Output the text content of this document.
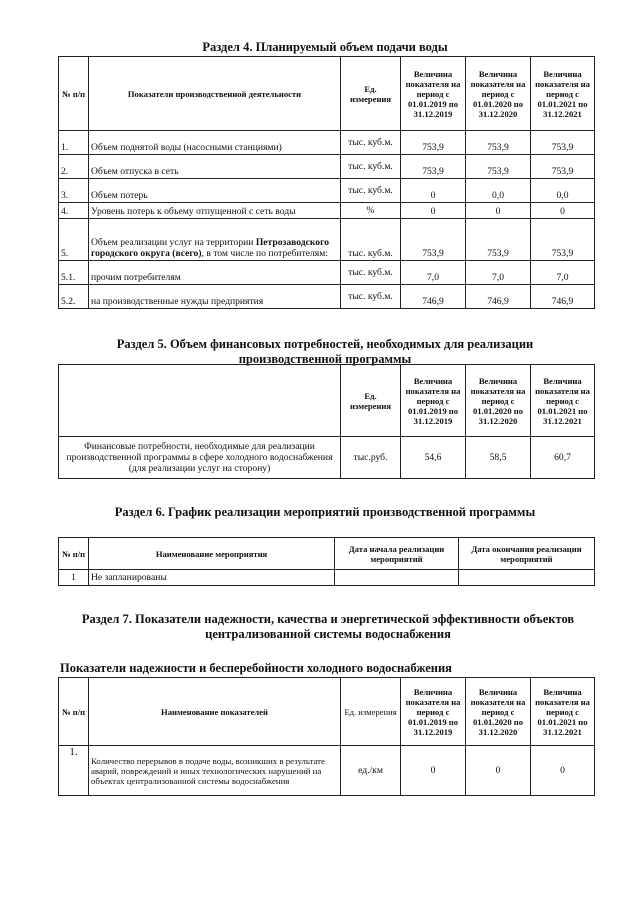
Раздел 4. Планируемый объем подачи воды
№ п/п	Показатели производственной деятельности	Ед. измерения	Величина показателя на период с 01.01.2019 по 31.12.2019	Величина показателя на период с 01.01.2020 по 31.12.2020	Величина показателя на период с 01.01.2021 по 31.12.2021
1.	Объем поднятой воды (насосными станциями)	тыс. куб.м.	753,9	753,9	753,9
2.	Объем отпуска в сеть	тыс. куб.м.	753,9	753,9	753,9
3.	Объем потерь	тыс. куб.м.	0	0,0	0,0
4.	Уровень потерь к объему отпущенной с сеть воды	%	0	0	0
5.	Объем реализации услуг на территории Петрозаводского городского округа (всего), в том числе по потребителям:	тыс. куб.м.	753,9	753,9	753,9
5.1.	прочим потребителям	тыс. куб.м.	7,0	7,0	7,0
5.2.	на производственные нужды предприятия	тыс. куб.м.	746,9	746,9	746,9
Раздел 5. Объем финансовых потребностей, необходимых для реализации
производственной программы
	Ед. измерения	Величина показателя на период с 01.01.2019 по 31.12.2019	Величина показателя на период с 01.01.2020 по 31.12.2020	Величина показателя на период с 01.01.2021 по 31.12.2021
Финансовые потребности, необходимые для реализации производственной программы в сфере холодного водоснабжения (для реализации услуг на сторону)	тыс.руб.	54,6	58,5	60,7
Раздел 6. График реализации мероприятий производственной программы
№ п/п	Наименование мероприятия	Дата начала реализации мероприятий	Дата окончания реализации мероприятий
1	Не запланированы		
Раздел 7. Показатели надежности, качества и энергетической эффективности объектов
централизованной системы водоснабжения
Показатели надежности и бесперебойности холодного водоснабжения
№ п/п	Наименование показателей	Ед. измерения	Величина показателя на период с 01.01.2019 по 31.12.2019	Величина показателя на период с 01.01.2020 по 31.12.2020	Величина показателя на период с 01.01.2021 по 31.12.2021
1.	Количество перерывов в подаче воды, возникших в результате аварий, повреждений и иных технологических нарушений на объектах централизованной системы водоснабжения	ед./км	0	0	0
